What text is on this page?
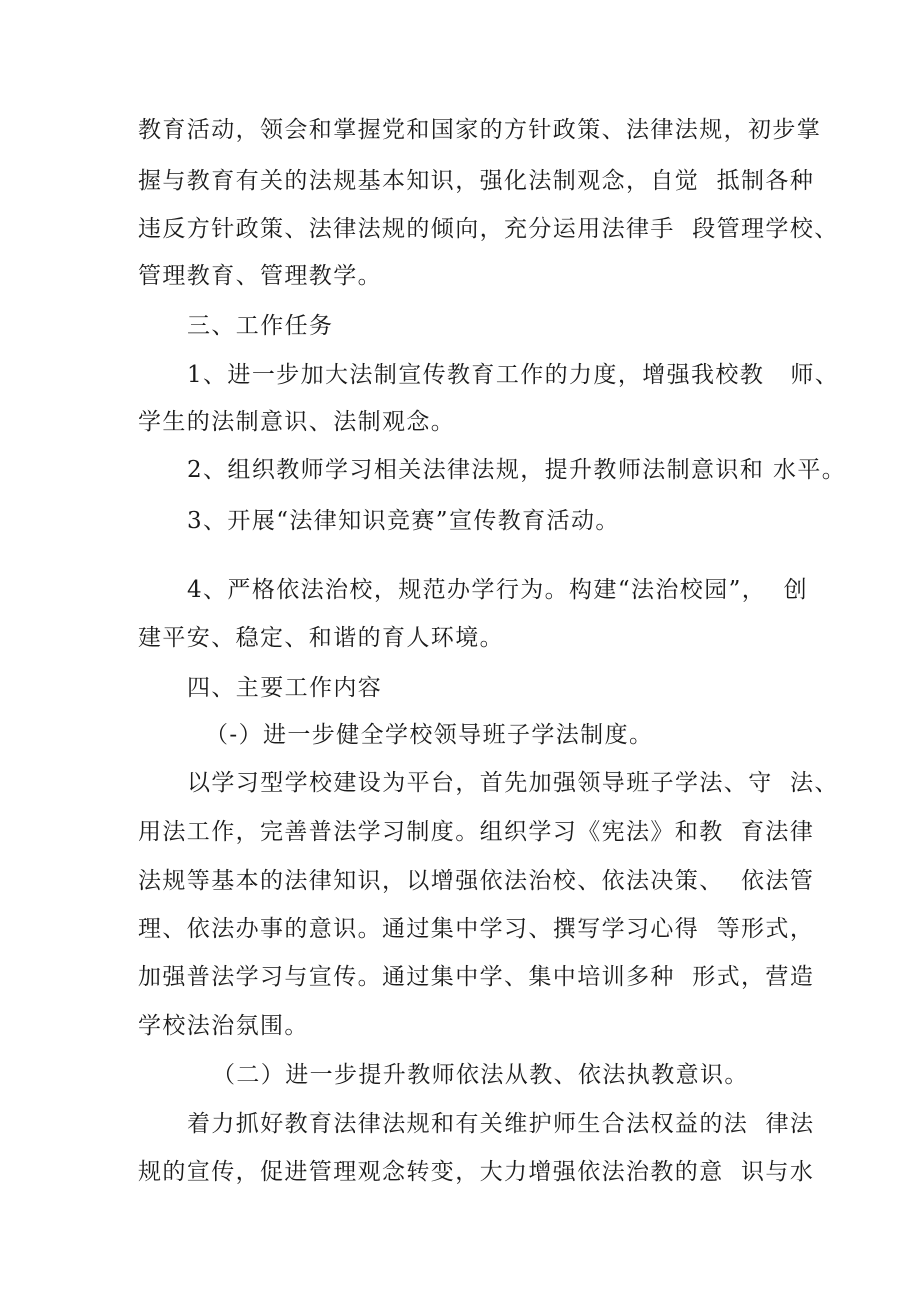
教育活动，领会和掌握党和国家的方针政策、法律法规，初步掌
握与教育有关的法规基本知识，强化法制观念，自觉  抵制各种
违反方针政策、法律法规的倾向，充分运用法律手  段管理学校、
管理教育、管理教学。
三、工作任务
1、进一步加大法制宣传教育工作的力度，增强我校教   师、
学生的法制意识、法制观念。
2、组织教师学习相关法律法规，提升教师法制意识和 水平。
3、开展“法律知识竞赛”宣传教育活动。
4、严格依法治校，规范办学行为。构建“法治校园”，  创
建平安、稳定、和谐的育人环境。
四、主要工作内容
（-）进一步健全学校领导班子学法制度。
以学习型学校建设为平台，首先加强领导班子学法、守  法、
用法工作，完善普法学习制度。组织学习《宪法》和教  育法律
法规等基本的法律知识，以增强依法治校、依法决策、  依法管
理、依法办事的意识。通过集中学习、撰写学习心得  等形式，
加强普法学习与宣传。通过集中学、集中培训多种  形式，营造
学校法治氛围。
（二）进一步提升教师依法从教、依法执教意识。
着力抓好教育法律法规和有关维护师生合法权益的法  律法
规的宣传，促进管理观念转变，大力增强依法治教的意  识与水
